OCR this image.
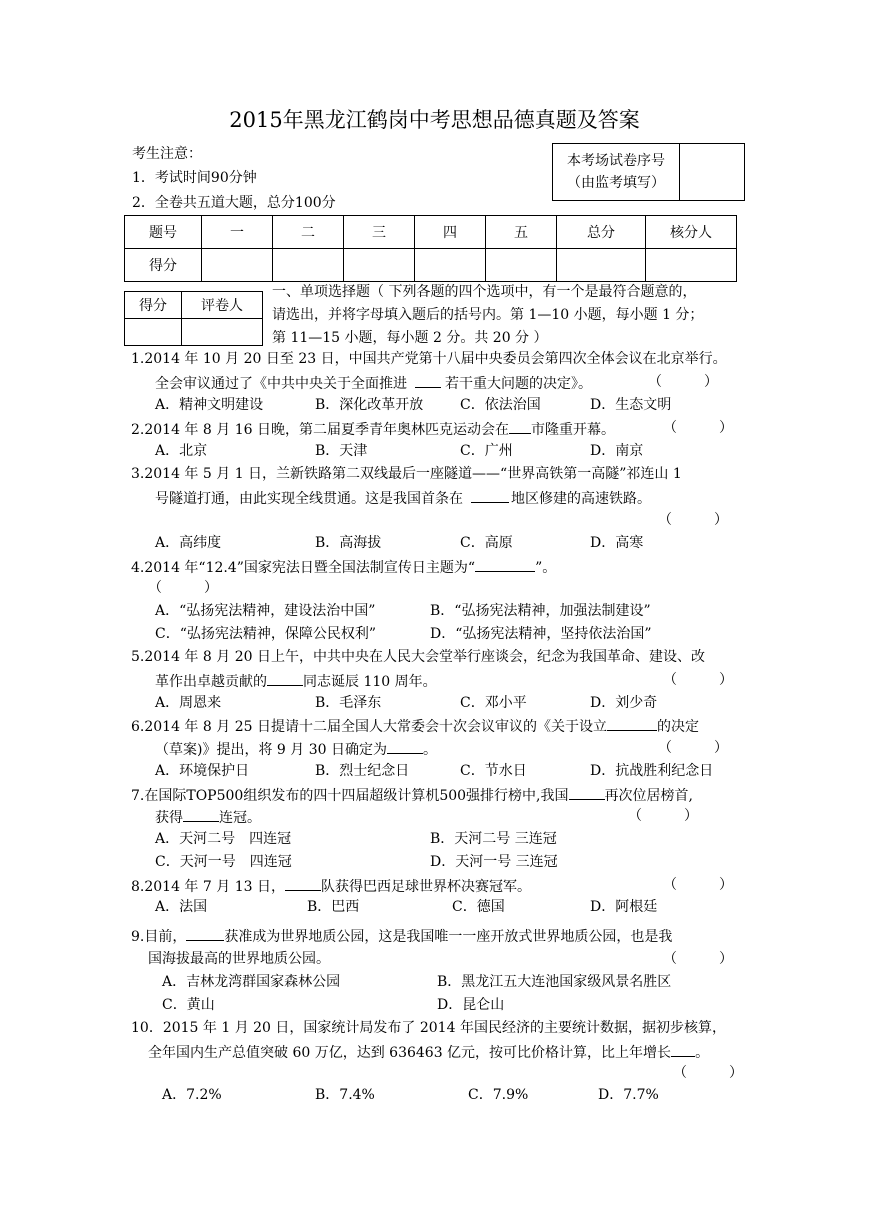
2015年黑龙江鹤岗中考思想品德真题及答案
考生注意：
1．考试时间90分钟
2．全卷共五道大题，总分100分
本考场试卷序号
（由监考填写）

题号	一	二	三	四	五	总分	核分人
得分							
得分	评卷人

一、单项选择题（ 下列各题的四个选项中，有一个是最符合题意的，
请选出，并将字母填入题后的括号内。第 1—10 小题，每小题 1 分；
第 11—15 小题，每小题 2 分。共 20 分 ）
1.2014 年 10 月 20 日至 23 日，中国共产党第十八届中央委员会第四次全体会议在北京举行。
全会审议通过了《中共中央关于全面推进	若干重大问题的决定》。	（　　　）
A．精神文明建设	B．深化改革开放	C．依法治国	D．生态文明
2.2014 年 8 月 16 日晚，第二届夏季青年奥林匹克运动会在 市隆重开幕。	（　　　）
A．北京	B．天津	C．广州	D．南京
3.2014 年 5 月 1 日，兰新铁路第二双线最后一座隧道——“世界高铁第一高隧”祁连山 1
号隧道打通，由此实现全线贯通。这是我国首条在	地区修建的高速铁路。
（　　　）
A．高纬度	B．高海拔	C．高原	D．高寒
4.2014 年“12.4”国家宪法日暨全国法制宣传日主题为“	”。
（　　　）
A．“弘扬宪法精神，建设法治中国”	B．“弘扬宪法精神，加强法制建设”
C．“弘扬宪法精神，保障公民权利”	D．“弘扬宪法精神，坚持依法治国”
5.2014 年 8 月 20 日上午，中共中央在人民大会堂举行座谈会，纪念为我国革命、建设、改
革作出卓越贡献的	同志诞辰 110 周年。	（　　　）
A．周恩来	B．毛泽东	C．邓小平	D．刘少奇
6.2014 年 8 月 25 日提请十二届全国人大常委会十次会议审议的《关于设立	的决定
（草案)》提出，将 9 月 30 日确定为	。	（　　　）
A．环境保护日	B．烈士纪念日	C．节水日	D．抗战胜利纪念日
7.在国际TOP500组织发布的四十四届超级计算机500强排行榜中,我国	再次位居榜首,
获得	连冠。	（　　　）
A．天河二号　四连冠	B．天河二号 三连冠
C．天河一号　四连冠	D．天河一号 三连冠
8.2014 年 7 月 13 日，	队获得巴西足球世界杯决赛冠军。	（　　　）
A．法国	B．巴西	C．德国	D．阿根廷
9.目前，	获准成为世界地质公园，这是我国唯一一座开放式世界地质公园，也是我
国海拔最高的世界地质公园。	（　　　）
A．吉林龙湾群国家森林公园	B．黑龙江五大连池国家级风景名胜区
C．黄山	D．昆仑山
10．2015 年 1 月 20 日，国家统计局发布了 2014 年国民经济的主要统计数据，据初步核算，
全年国内生产总值突破 60 万亿，达到 636463 亿元，按可比价格计算，比上年增长 。
（　　　）
A．7.2%	B．7.4%	C．7.9%	D．7.7%
